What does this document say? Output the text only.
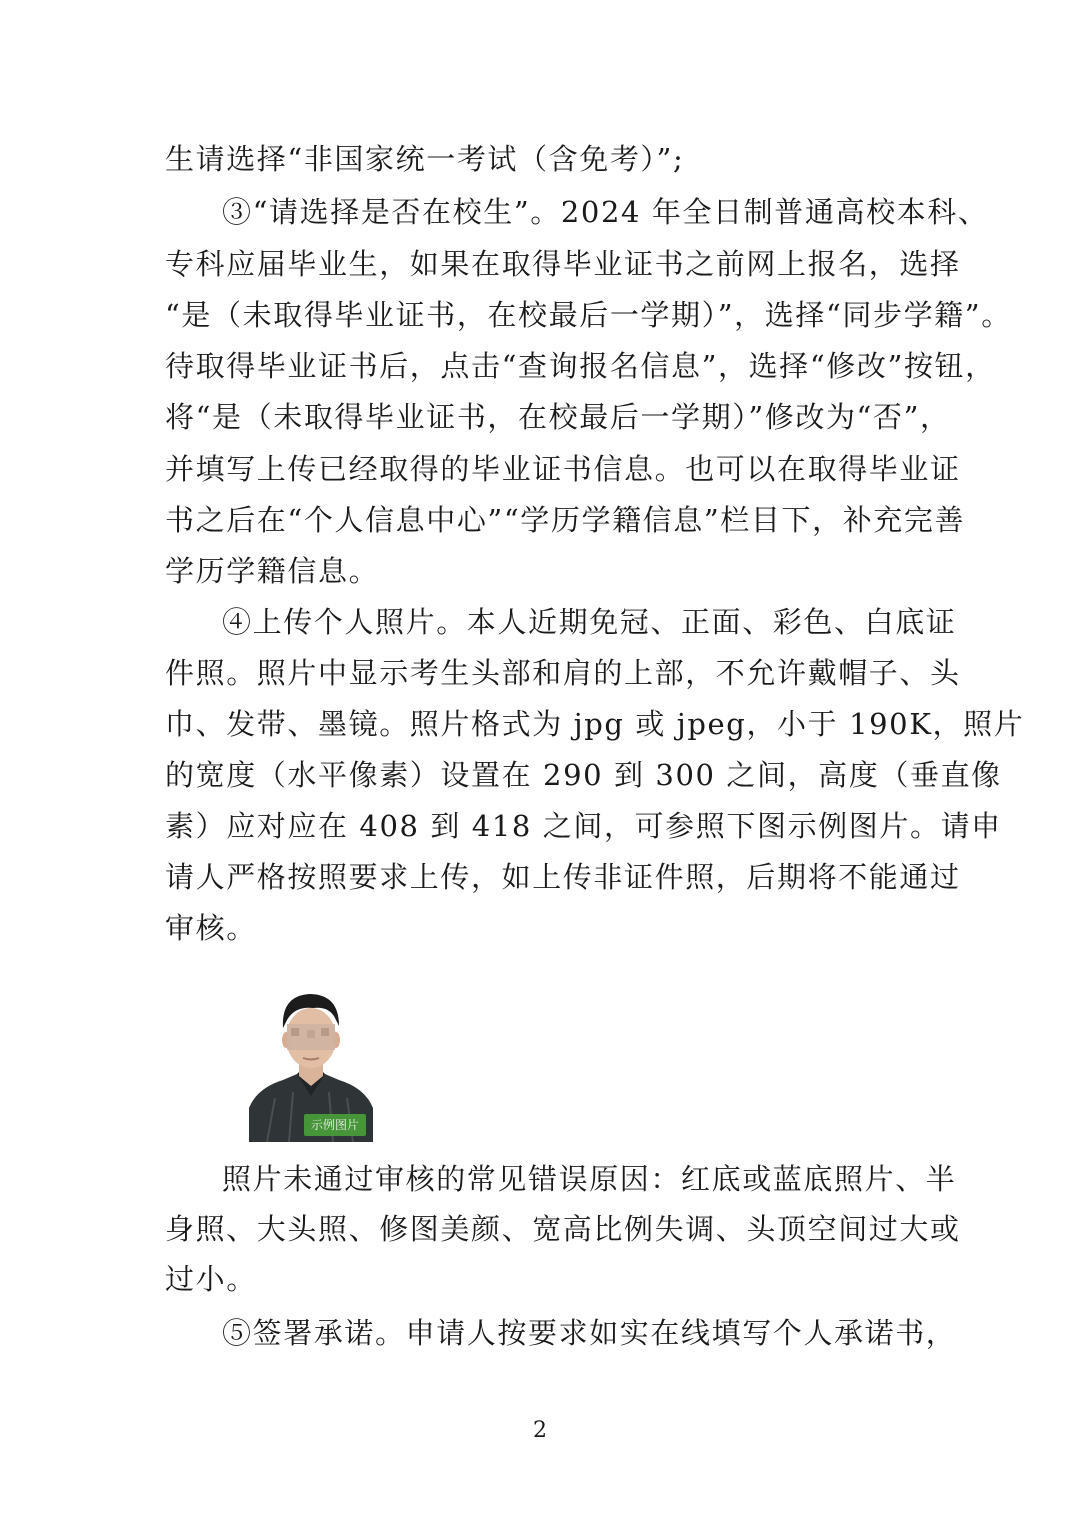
生请选择“非国家统一考试（含免考）”;
③“请选择是否在校生”。2024 年全日制普通高校本科、
专科应届毕业生，如果在取得毕业证书之前网上报名，选择
“是（未取得毕业证书，在校最后一学期）”，选择“同步学籍”。
待取得毕业证书后，点击“查询报名信息”，选择“修改”按钮，
将“是（未取得毕业证书，在校最后一学期）”修改为“否”，
并填写上传已经取得的毕业证书信息。也可以在取得毕业证
书之后在“个人信息中心”“学历学籍信息”栏目下，补充完善
学历学籍信息。
④上传个人照片。本人近期免冠、正面、彩色、白底证
件照。照片中显示考生头部和肩的上部，不允许戴帽子、头
巾、发带、墨镜。照片格式为 jpg 或 jpeg，小于 190K，照片
的宽度（水平像素）设置在 290 到 300 之间，高度（垂直像
素）应对应在 408 到 418 之间，可参照下图示例图片。请申
请人严格按照要求上传，如上传非证件照，后期将不能通过
审核。
示例图片
照片未通过审核的常见错误原因：红底或蓝底照片、半
身照、大头照、修图美颜、宽高比例失调、头顶空间过大或
过小。
⑤签署承诺。申请人按要求如实在线填写个人承诺书，
2
